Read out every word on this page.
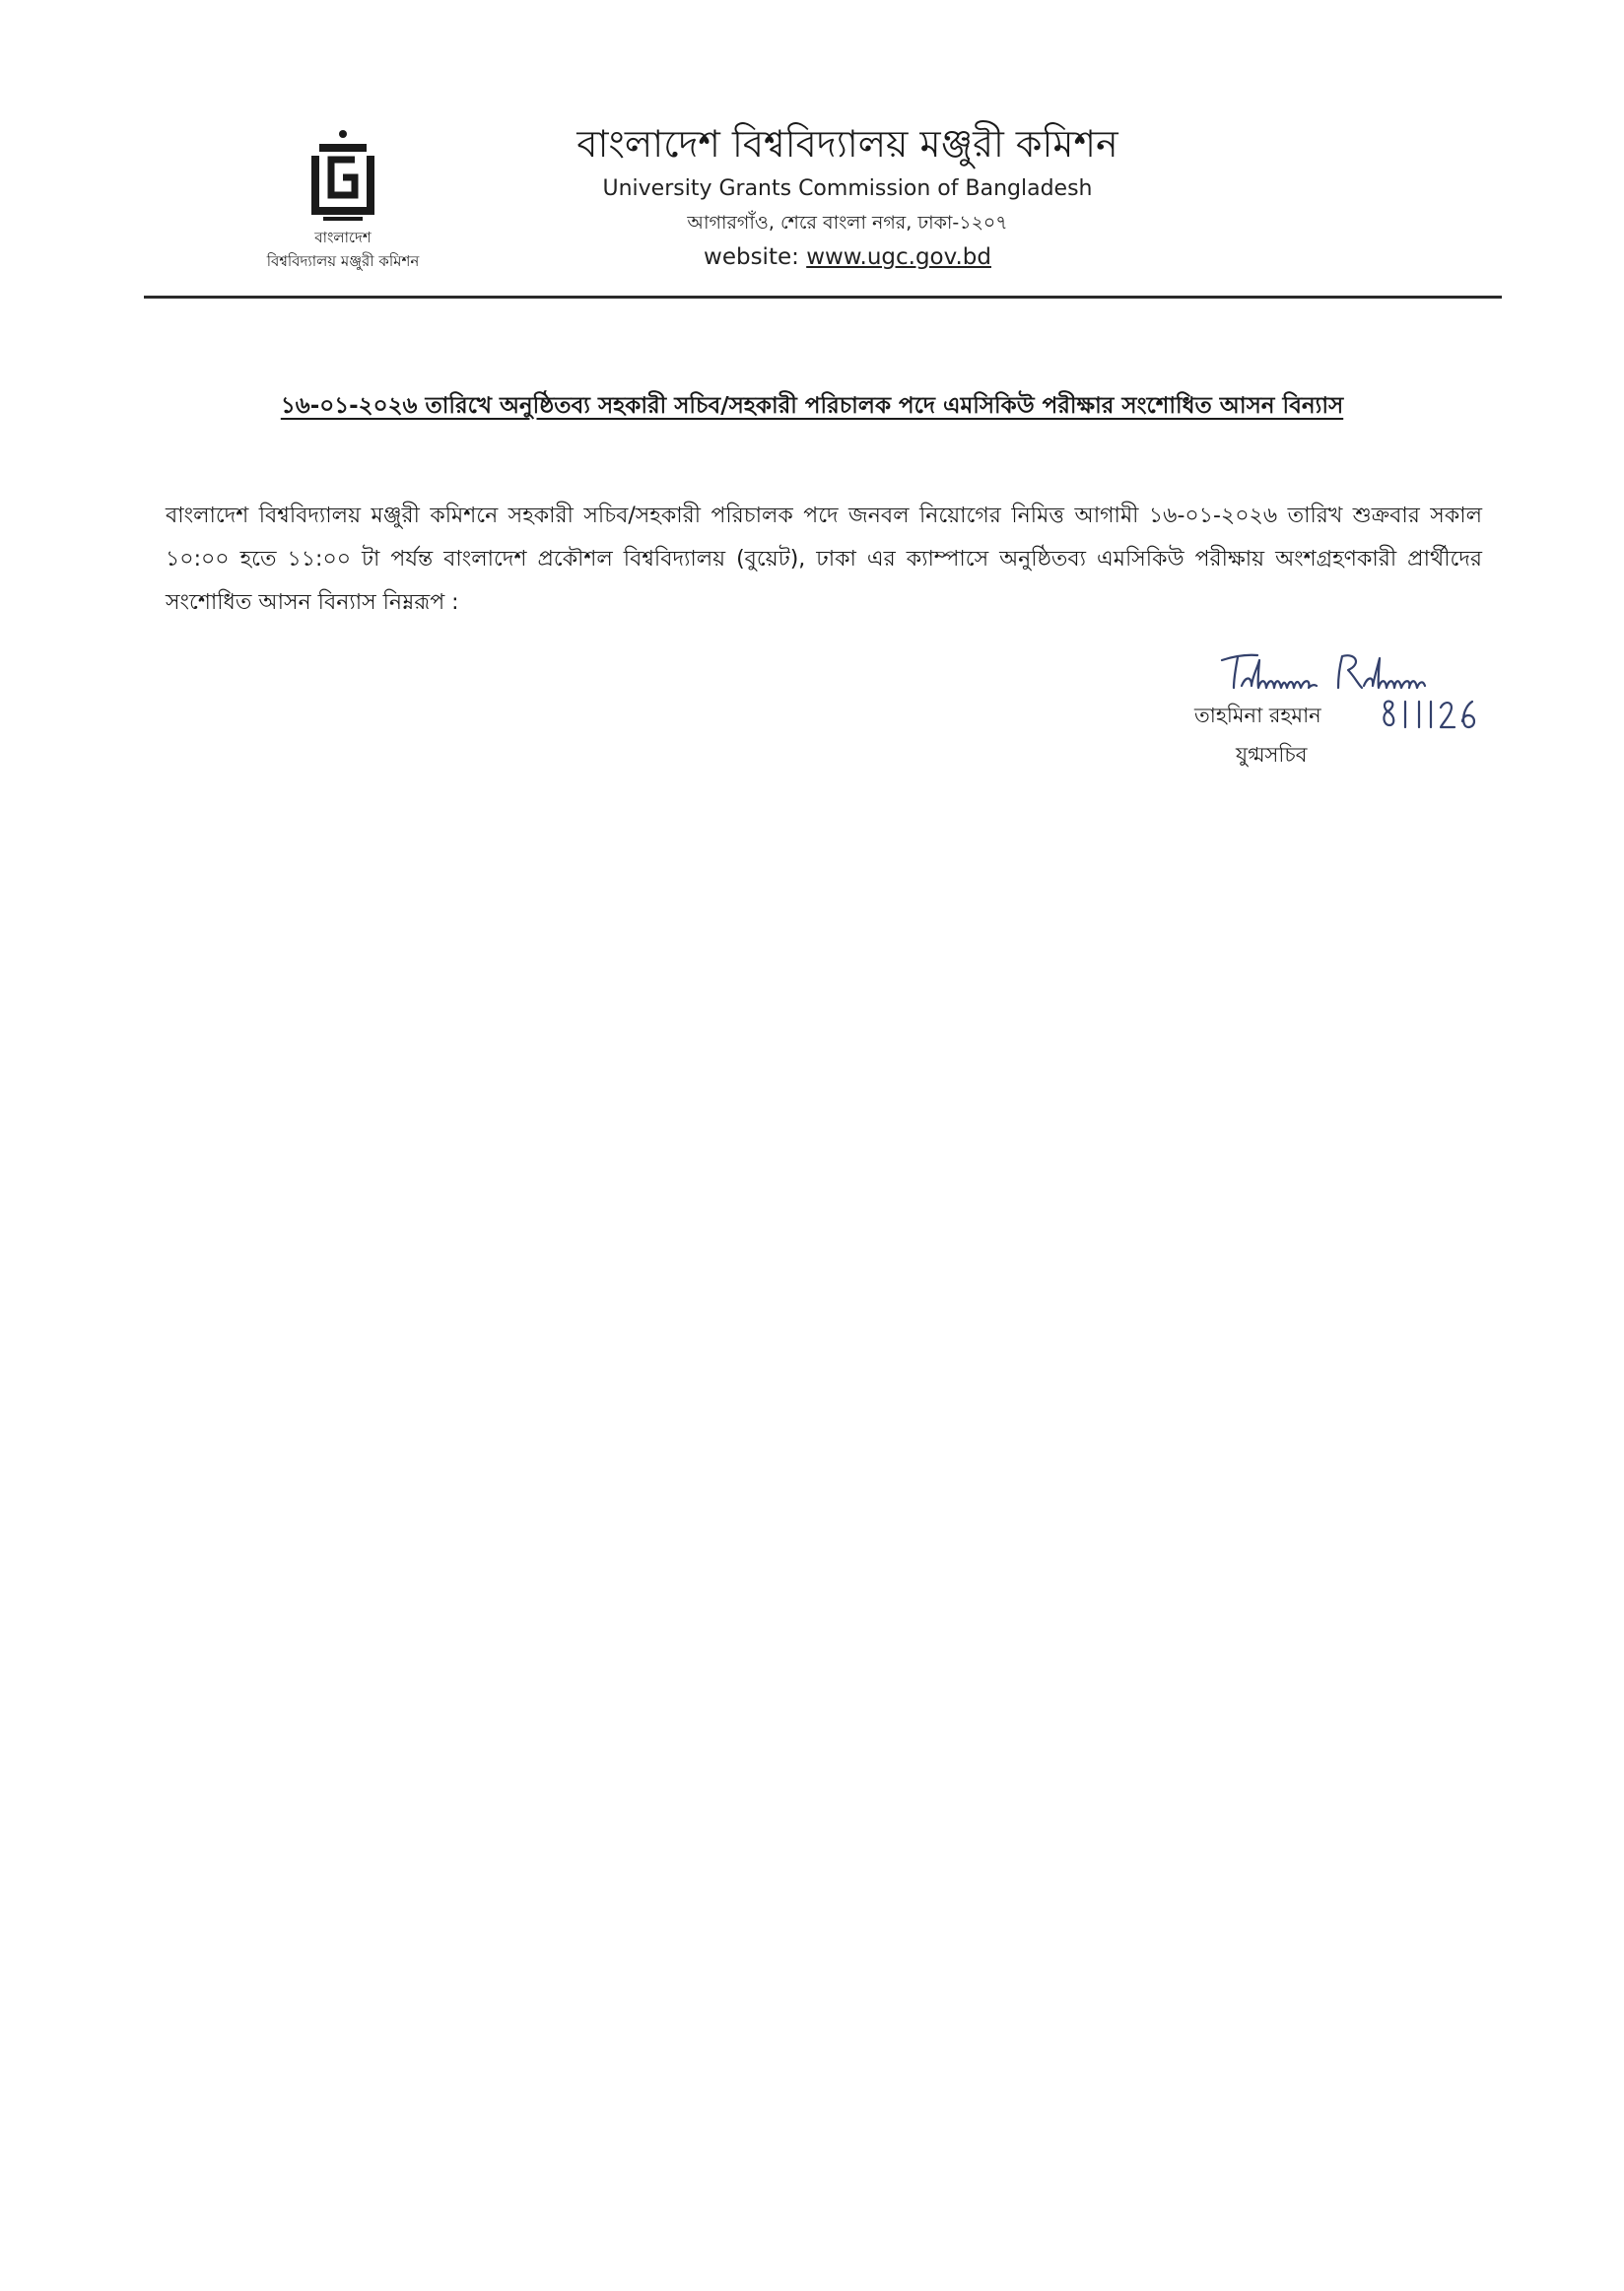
বাংলাদেশ
বিশ্ববিদ্যালয় মঞ্জুরী কমিশন
বাংলাদেশ বিশ্ববিদ্যালয় মঞ্জুরী কমিশন
University Grants Commission of Bangladesh
আগারগাঁও, শেরে বাংলা নগর, ঢাকা-১২০৭
website: www.ugc.gov.bd
১৬-০১-২০২৬ তারিখে অনুষ্ঠিতব্য সহকারী সচিব/সহকারী পরিচালক পদে এমসিকিউ পরীক্ষার সংশোধিত আসন বিন্যাস
বাংলাদেশ বিশ্ববিদ্যালয় মঞ্জুরী কমিশনে সহকারী সচিব/সহকারী পরিচালক পদে জনবল নিয়োগের নিমিত্ত আগামী ১৬-০১-২০২৬ তারিখ শুক্রবার সকাল ১০:০০ হতে ১১:০০ টা পর্যন্ত বাংলাদেশ প্রকৌশল বিশ্ববিদ্যালয় (বুয়েট), ঢাকা এর ক্যাম্পাসে অনুষ্ঠিতব্য এমসিকিউ পরীক্ষায় অংশগ্রহণকারী প্রার্থীদের সংশোধিত আসন বিন্যাস নিম্নরূপ :
তাহমিনা রহমান
যুগ্মসচিব
